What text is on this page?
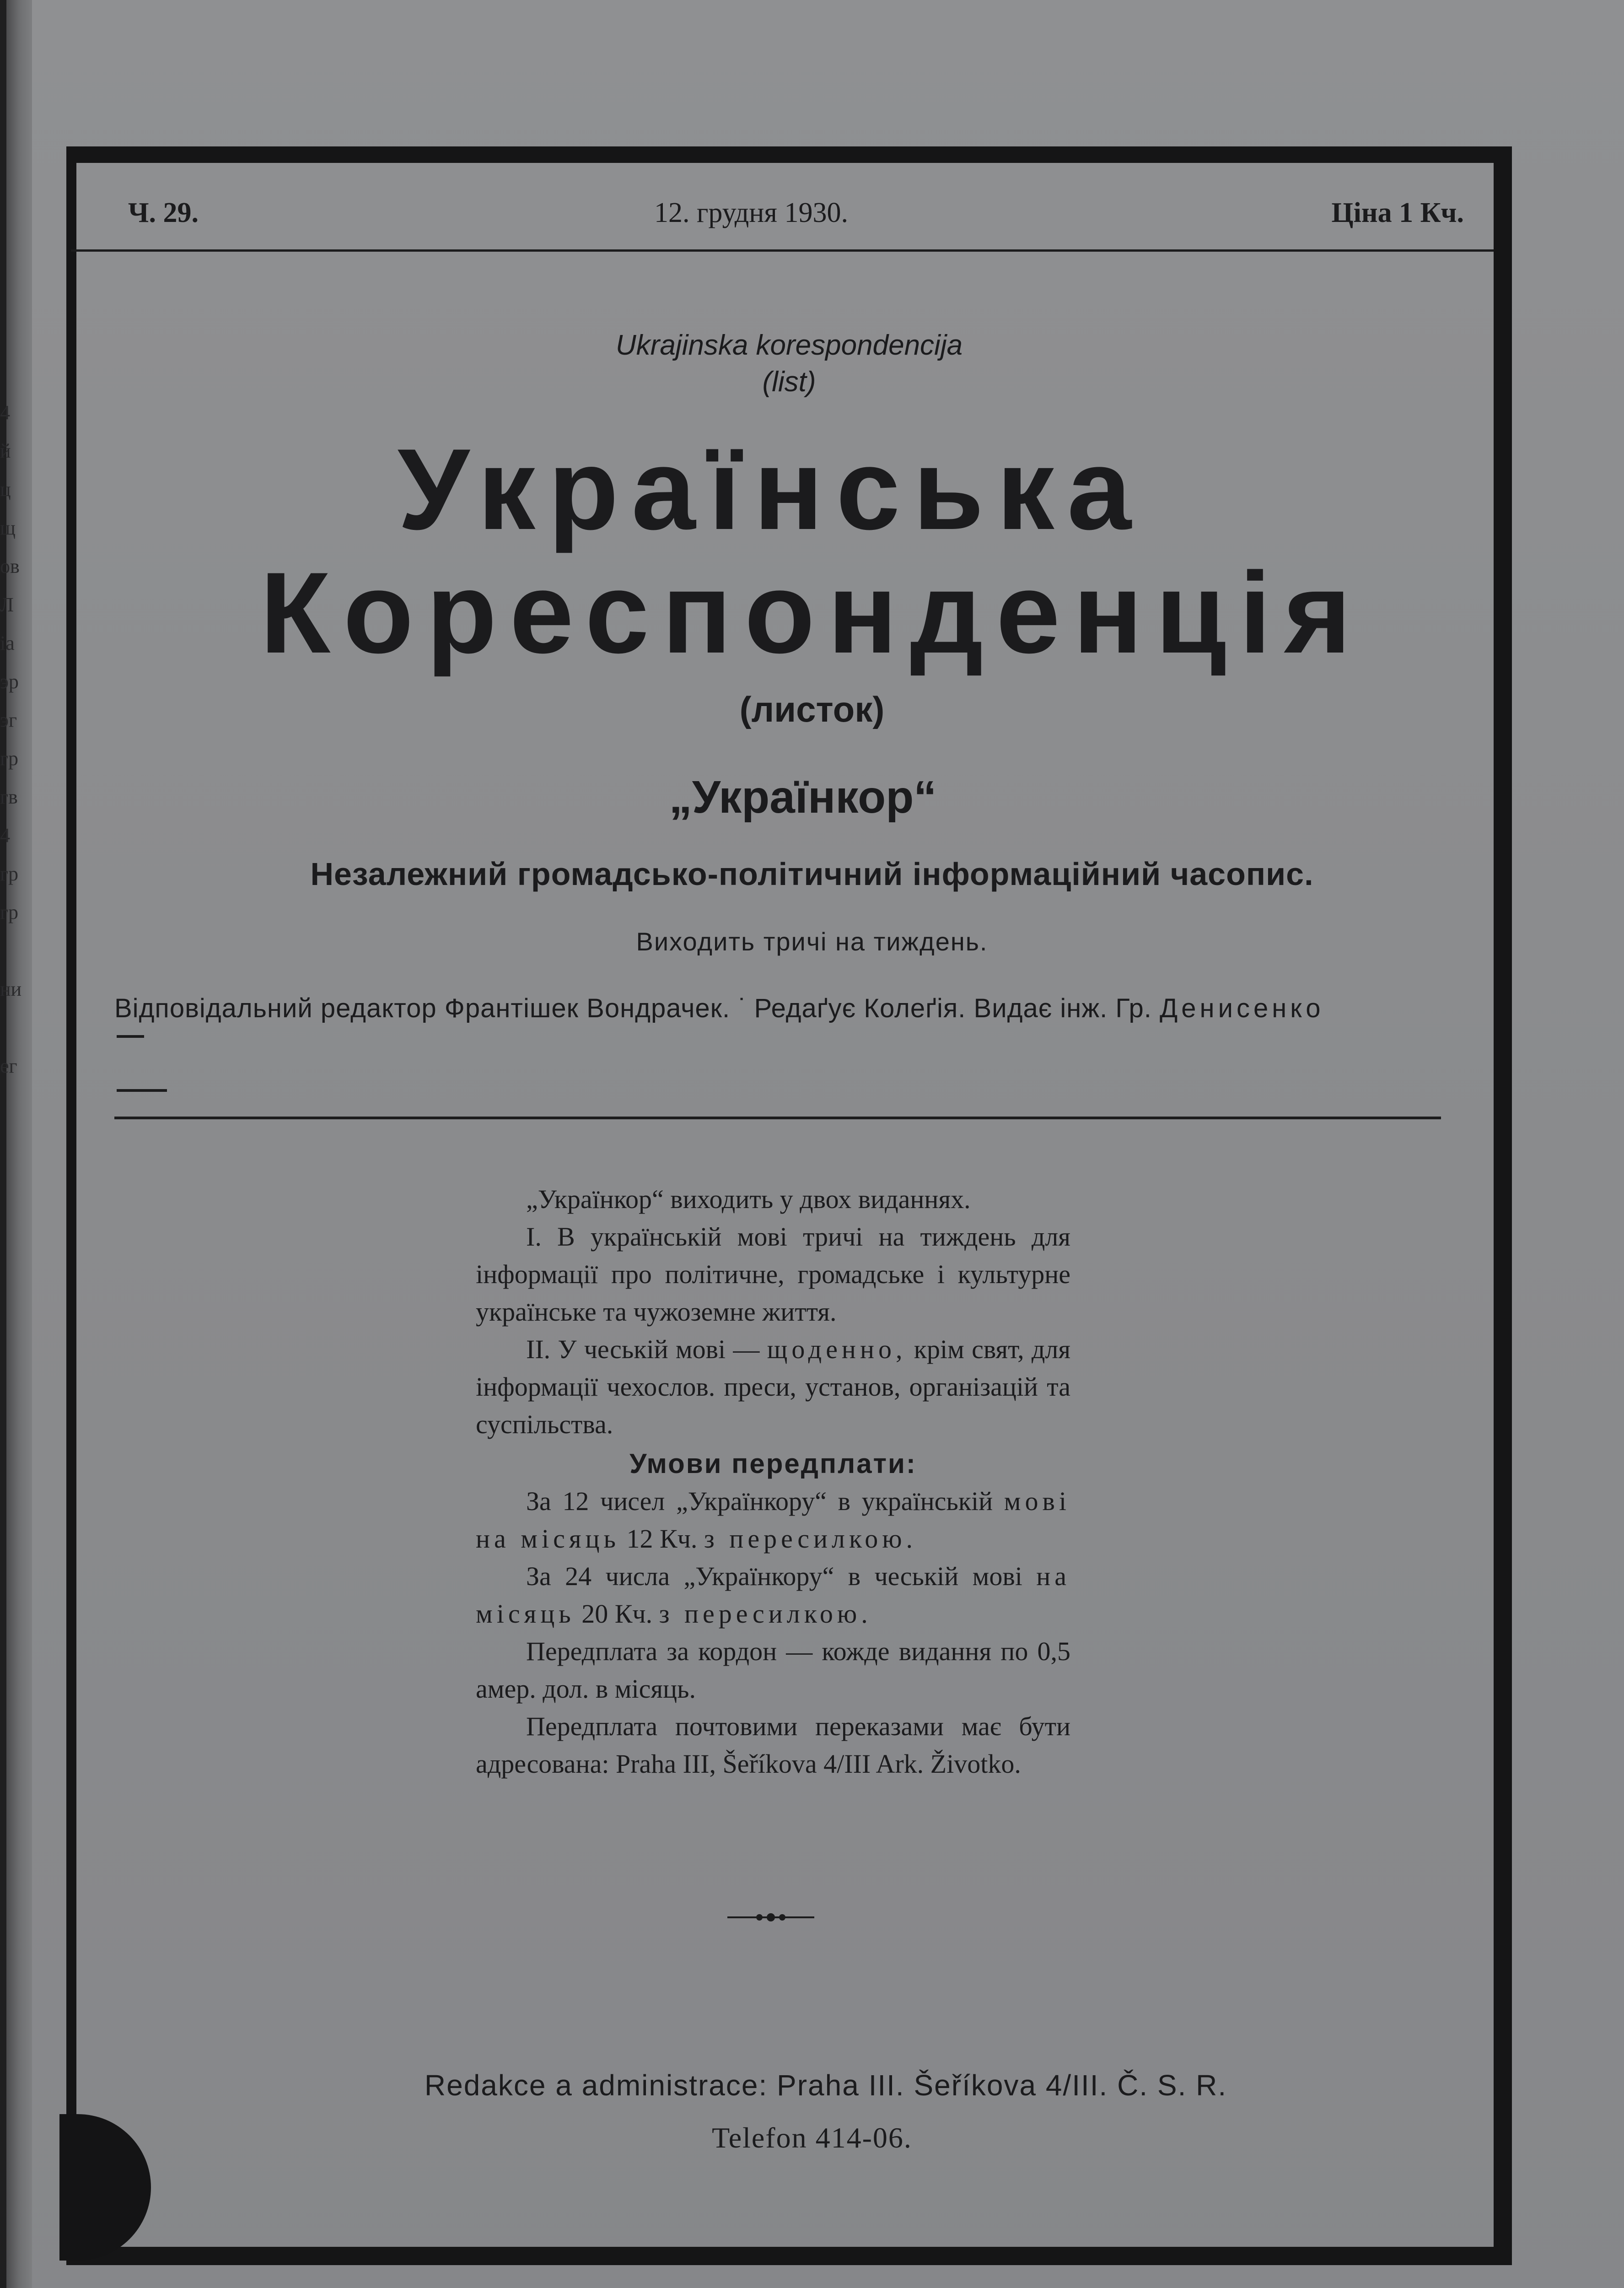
4
й
ц
щ
ов
Л
іа
эр
эг
гр
гв
4
гр
гр

ни

ег
Ч. 29.	12. грудня 1930.	Ціна 1 Кч.
Ukrajinska korespondencija
(list)
Українська
Кореспонденція
(листок)
„Українкор“
Незалежний громадсько-політичний інформаційний часопис.
Виходить тричі на тиждень.
Відповідальний редактор Франтішек Вондрачек. ˙ Редаґує Колеґія. Видає інж. Гр. Денисенко

„Українкор“ виходить у двох виданнях.

I. В українській мові тричі на тиждень для інформації про політичне, громадське і культурне українське та чужоземне життя.

II. У чеській мові — щоденно, крім свят, для інформації чехослов. преси, установ, організацій та суспільства.

Умови передплати:

За 12 чисел „Українкору“ в українській мові на місяць 12 Кч. з пересилкою.

За 24 числа „Українкору“ в чеській мові на місяць 20 Кч. з пересилкою.

Передплата за кордон — кожде видання по 0,5 амер. дол. в місяць.

Передплата почтовими переказами має бути адресована: Praha III, Šeříkova 4/III Ark. Životko.

Redakce a administrace: Praha III. Šeříkova 4/III. Č. S. R.
Telefon 414-06.
